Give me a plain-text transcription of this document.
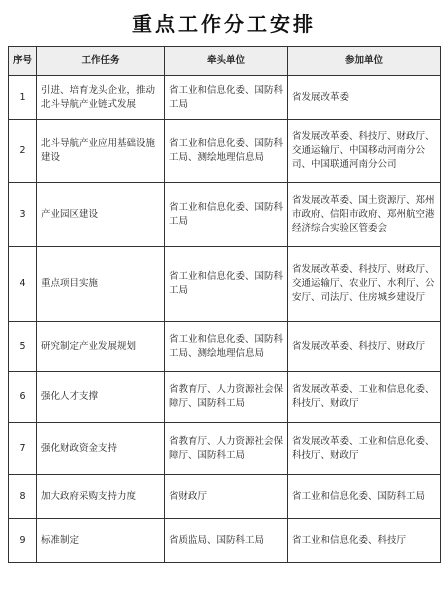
重点工作分工安排
序号	工作任务	牵头单位	参加单位
1	引进、培育龙头企业，推动北斗导航产业链式发展	省工业和信息化委、国防科工局	省发展改革委
2	北斗导航产业应用基础设施建设	省工业和信息化委、国防科工局、测绘地理信息局	省发展改革委、科技厅、财政厅、交通运输厅、中国移动河南分公司、中国联通河南分公司
3	产业园区建设	省工业和信息化委、国防科工局	省发展改革委、国土资源厅、郑州市政府、信阳市政府、郑州航空港经济综合实验区管委会
4	重点项目实施	省工业和信息化委、国防科工局	省发展改革委、科技厅、财政厅、交通运输厅、农业厅、水利厅、公安厅、司法厅、住房城乡建设厅
5	研究制定产业发展规划	省工业和信息化委、国防科工局、测绘地理信息局	省发展改革委、科技厅、财政厅
6	强化人才支撑	省教育厅、人力资源社会保障厅、国防科工局	省发展改革委、工业和信息化委、科技厅、财政厅
7	强化财政资金支持	省教育厅、人力资源社会保障厅、国防科工局	省发展改革委、工业和信息化委、科技厅、财政厅
8	加大政府采购支持力度	省财政厅	省工业和信息化委、国防科工局
9	标准制定	省质监局、国防科工局	省工业和信息化委、科技厅
